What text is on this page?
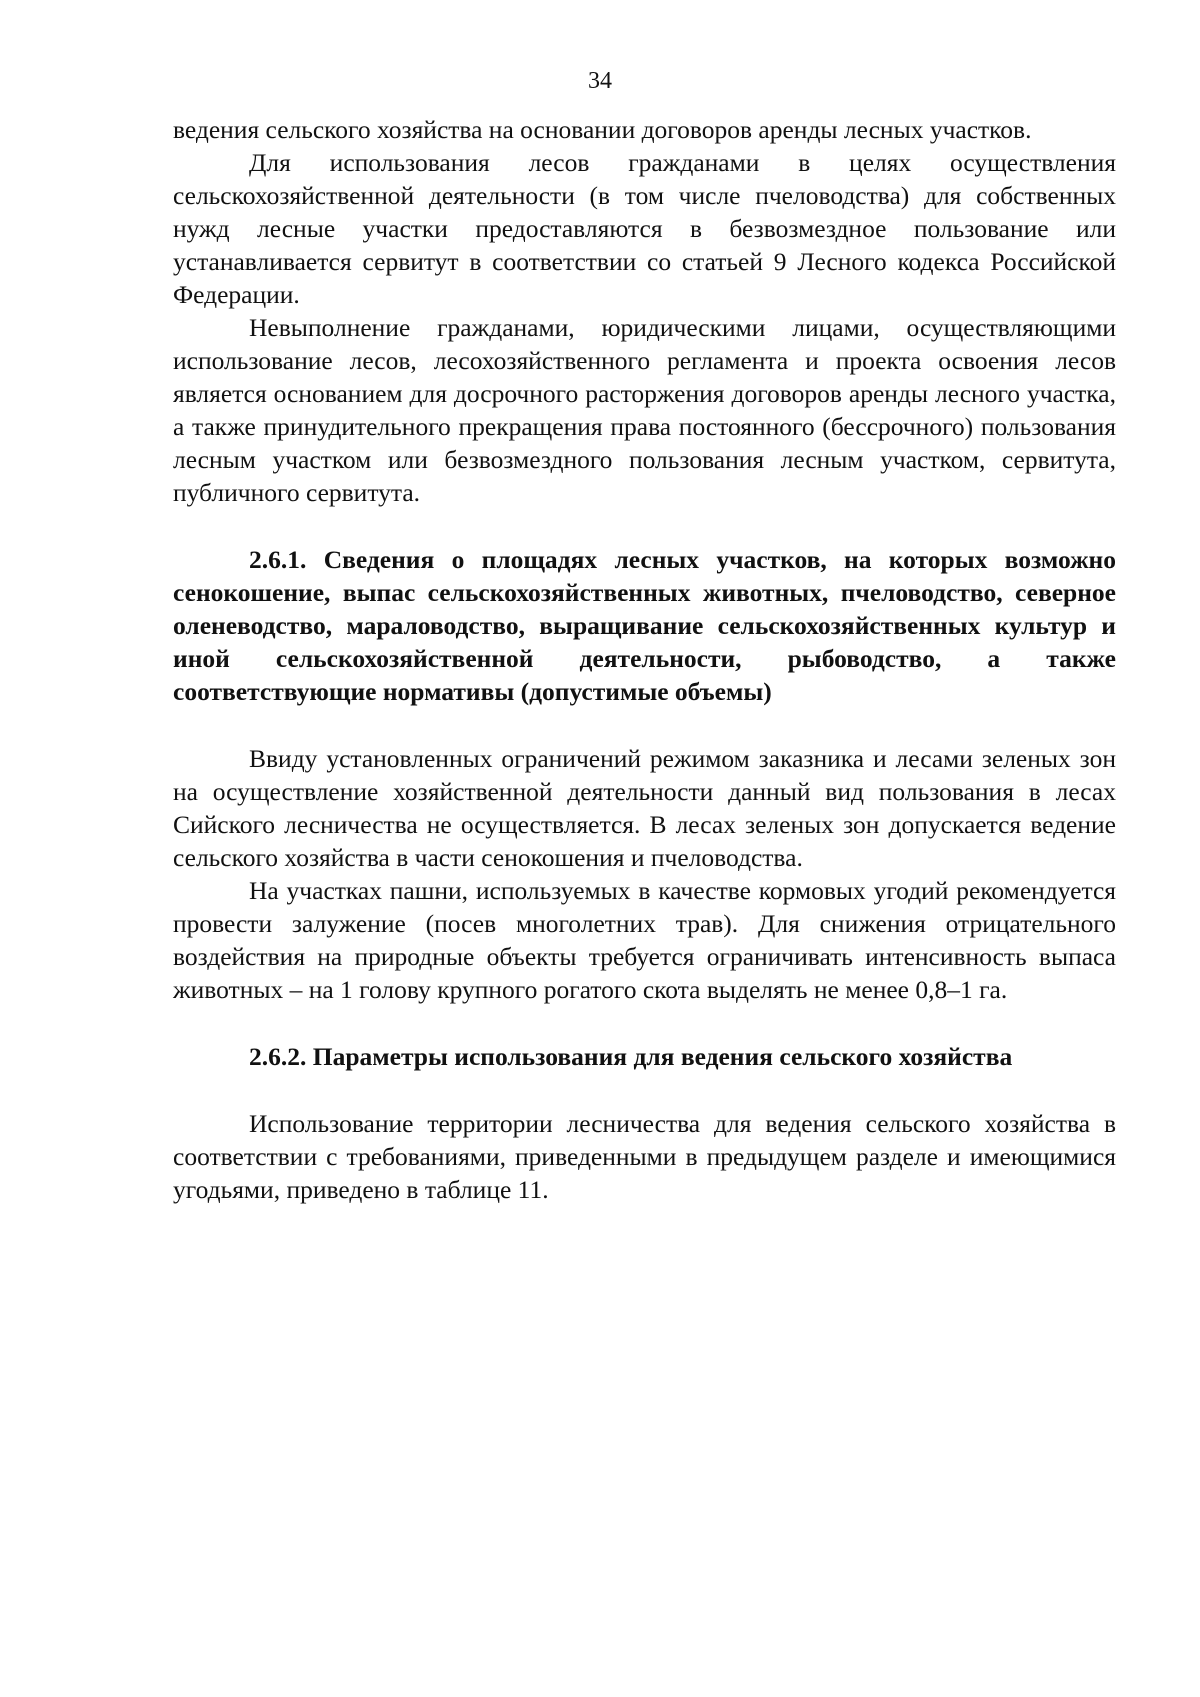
34

ведения сельского хозяйства на основании договоров аренды лесных участков.

Для использования лесов гражданами в целях осуществления сельскохозяйственной деятельности (в том числе пчеловодства) для собственных нужд лесные участки предоставляются в безвозмездное пользование или устанавливается сервитут в соответствии со статьей 9 Лесного кодекса Российской Федерации.

Невыполнение гражданами, юридическими лицами, осуществляющими использование лесов, лесохозяйственного регламента и проекта освоения лесов является основанием для досрочного расторжения договоров аренды лесного участка, а также принудительного прекращения права постоянного (бессрочного) пользования лесным участком или безвозмездного пользования лесным участком, сервитута, публичного сервитута.

2.6.1. Сведения о площадях лесных участков, на которых возможно сенокошение, выпас сельскохозяйственных животных, пчеловодство, северное оленеводство, мараловодство, выращивание сельскохозяйственных культур и иной сельскохозяйственной деятельности, рыбоводство, а также соответствующие нормативы (допустимые объемы)

Ввиду установленных ограничений режимом заказника и лесами зеленых зон на осуществление хозяйственной деятельности данный вид пользования в лесах Сийского лесничества не осуществляется. В лесах зеленых зон допускается ведение сельского хозяйства в части сенокошения и пчеловодства.

На участках пашни, используемых в качестве кормовых угодий рекомендуется провести залужение (посев многолетних трав). Для снижения отрицательного воздействия на природные объекты требуется ограничивать интенсивность выпаса животных – на 1 голову крупного рогатого скота выделять не менее 0,8–1 га.

2.6.2. Параметры использования для ведения сельского хозяйства

Использование территории лесничества для ведения сельского хозяйства в соответствии с требованиями, приведенными в предыдущем разделе и имеющимися угодьями, приведено в таблице 11.
